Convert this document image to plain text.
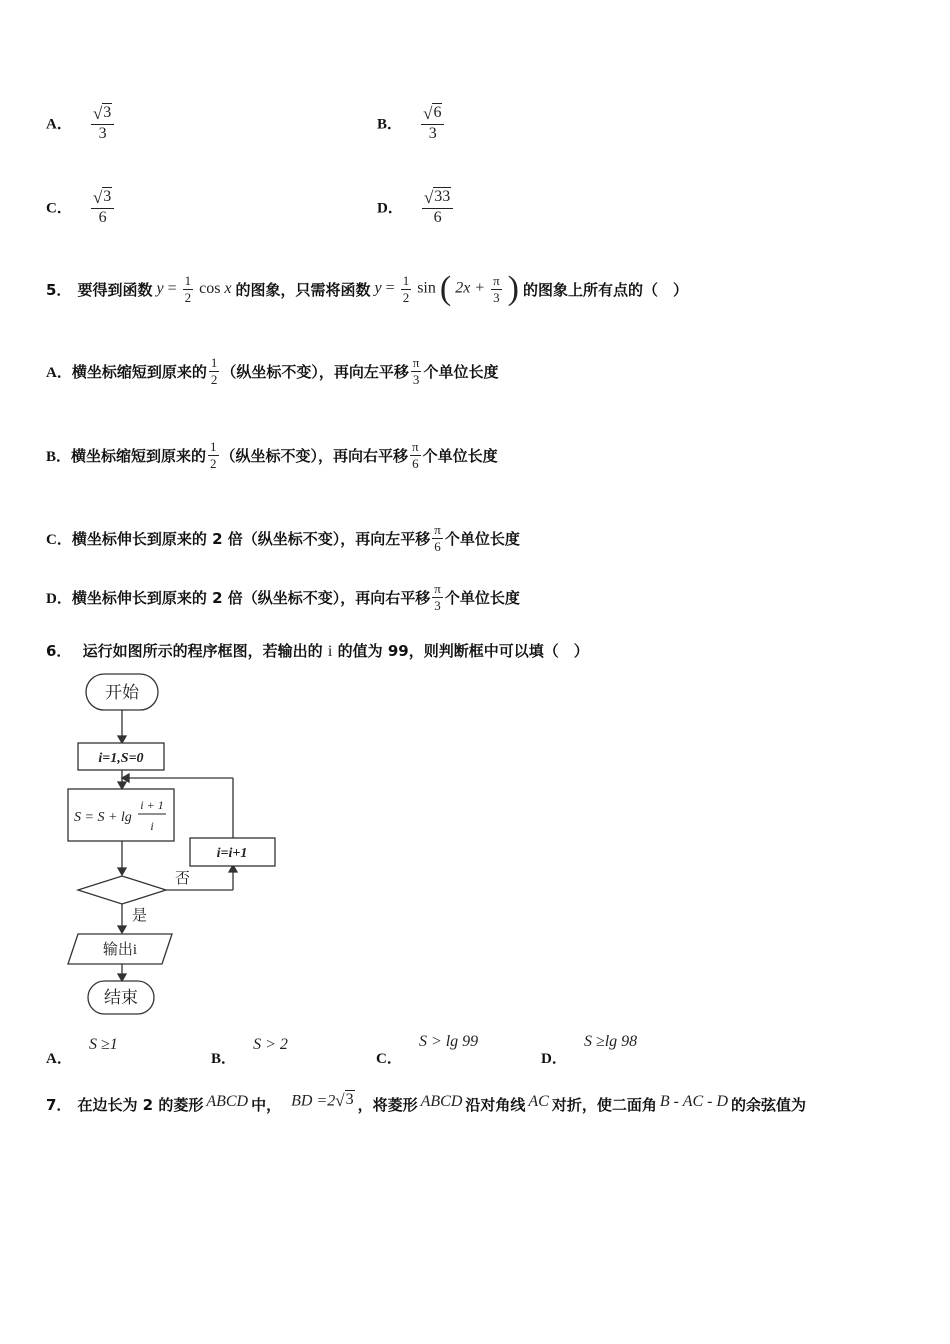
A． $\frac{√ 3}{3}$	B． $\frac{√ 6}{3}$
C． $\frac{√ 3}{6}$	D． $\frac{√ 33}{6}$
5． 要得到函数 $y = \frac{1}{2}$ cos x 的图象，只需将函数 $y = \frac{1}{2}$ sin ( $2x + \frac{\pi}{3}$ ) 的图象上所有点的（　）
A． 横坐标缩短到原来的 $\frac{1}{2}$ （纵坐标不变），再向左平移 $\frac{\pi}{3}$ 个单位长度
B． 横坐标缩短到原来的 $\frac{1}{2}$ （纵坐标不变），再向右平移 $\frac{\pi}{6}$ 个单位长度
C． 横坐标伸长到原来的 2 倍（纵坐标不变），再向左平移 $\frac{\pi}{6}$ 个单位长度
D． 横坐标伸长到原来的 2 倍（纵坐标不变），再向右平移 $\frac{\pi}{3}$ 个单位长度
6． 运行如图所示的程序框图，若输出的 i 的值为 99，则判断框中可以填（　）
开始
i=1,S=0
S = S + lg
i + 1
i
i=i+1
否
是
输出i
结束
A． S ≥1
B． S > 2
C． S > lg 99
D． S ≥lg 98
7． 在边长为 2 的菱形 ABCD 中， BD =2 √ 3 ，将菱形 ABCD 沿对角线 AC 对折，使二面角 B - AC - D 的余弦值为
